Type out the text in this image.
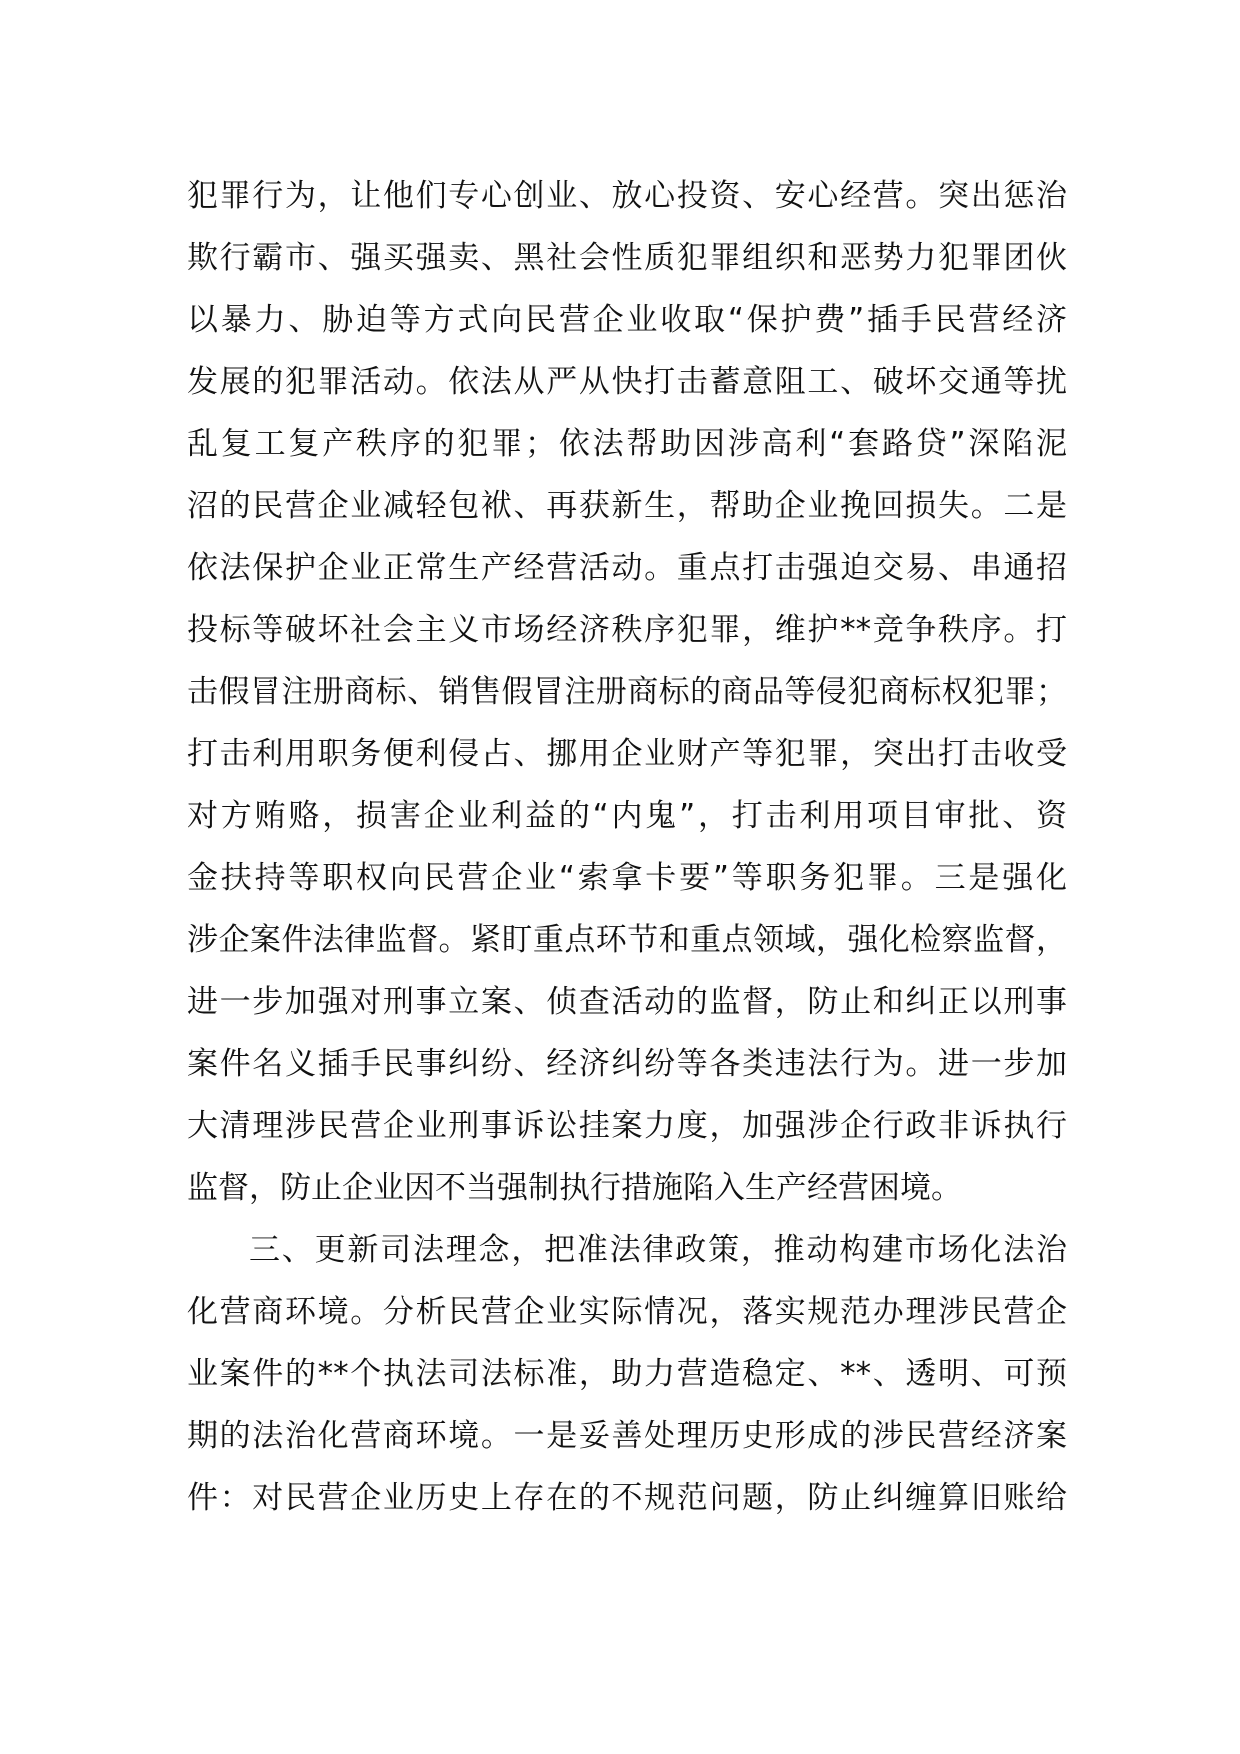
犯罪行为，让他们专心创业、放心投资、安心经营。突出惩治
欺行霸市、强买强卖、黑社会性质犯罪组织和恶势力犯罪团伙
以暴力、胁迫等方式向民营企业收取“保护费”插手民营经济
发展的犯罪活动。依法从严从快打击蓄意阻工、破坏交通等扰
乱复工复产秩序的犯罪；依法帮助因涉高利“套路贷”深陷泥
沼的民营企业减轻包袱、再获新生，帮助企业挽回损失。二是
依法保护企业正常生产经营活动。重点打击强迫交易、串通招
投标等破坏社会主义市场经济秩序犯罪，维护**竞争秩序。打
击假冒注册商标、销售假冒注册商标的商品等侵犯商标权犯罪；
打击利用职务便利侵占、挪用企业财产等犯罪，突出打击收受
对方贿赂，损害企业利益的“内鬼”，打击利用项目审批、资
金扶持等职权向民营企业“索拿卡要”等职务犯罪。三是强化
涉企案件法律监督。紧盯重点环节和重点领域，强化检察监督，
进一步加强对刑事立案、侦查活动的监督，防止和纠正以刑事
案件名义插手民事纠纷、经济纠纷等各类违法行为。进一步加
大清理涉民营企业刑事诉讼挂案力度，加强涉企行政非诉执行
监督，防止企业因不当强制执行措施陷入生产经营困境。
三、更新司法理念，把准法律政策，推动构建市场化法治
化营商环境。分析民营企业实际情况，落实规范办理涉民营企
业案件的**个执法司法标准，助力营造稳定、**、透明、可预
期的法治化营商环境。一是妥善处理历史形成的涉民营经济案
件：对民营企业历史上存在的不规范问题，防止纠缠算旧账给
